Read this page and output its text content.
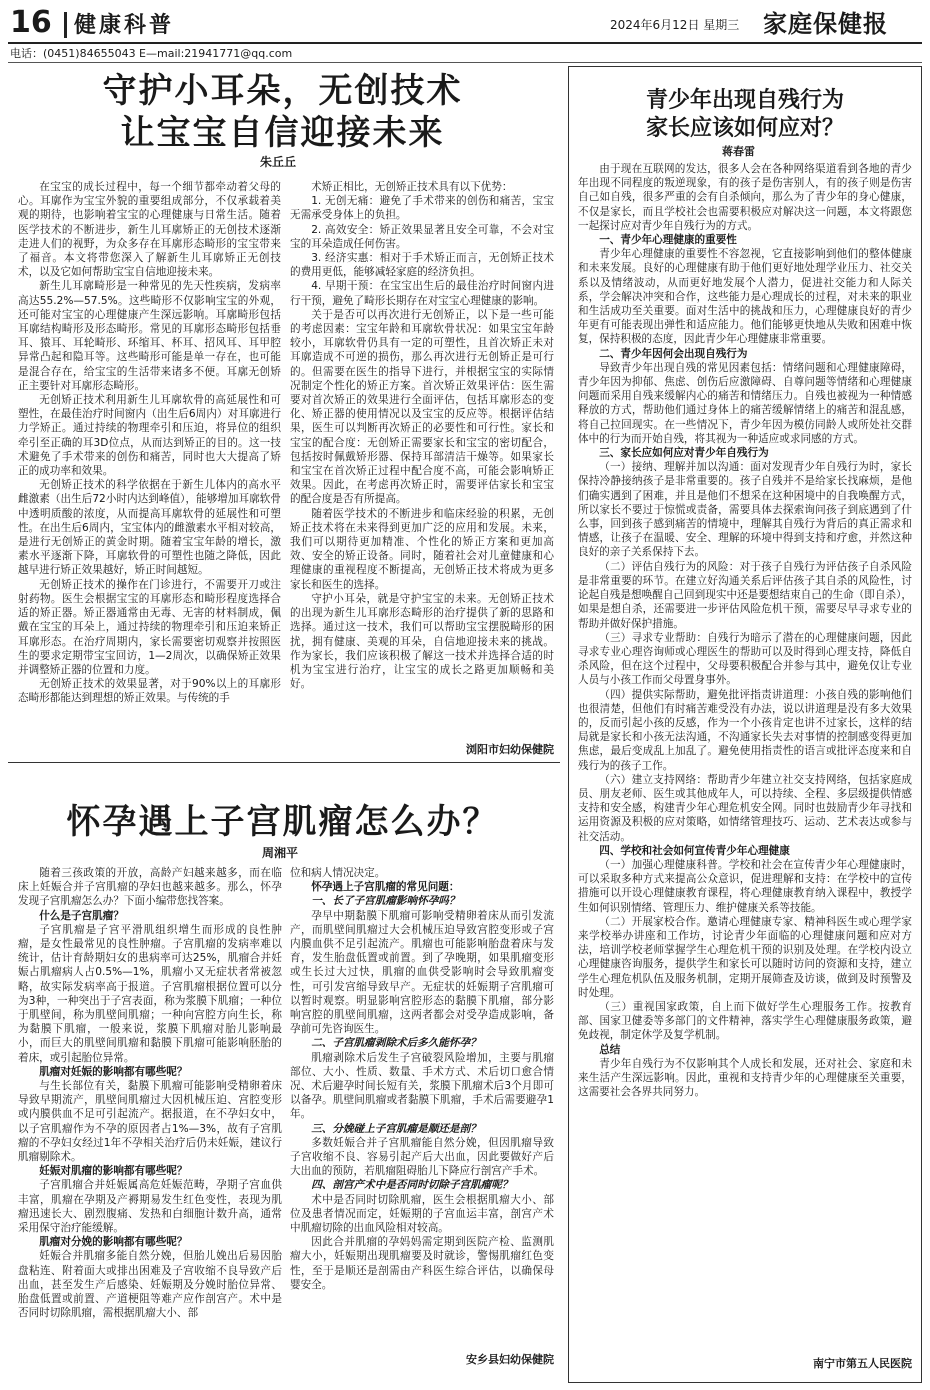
16 健康科普	2024年6月12日 星期三 家庭保健报
电话：(0451)84655043 E—mail:21941771@qq.com
守护小耳朵，无创技术
让宝宝自信迎接未来
朱丘丘

在宝宝的成长过程中，每一个细节都牵动着父母的心。耳廓作为宝宝外貌的重要组成部分，不仅承载着美观的期待，也影响着宝宝的心理健康与日常生活。随着医学技术的不断进步，新生儿耳廓矫正的无创技术逐渐走进人们的视野，为众多存在耳廓形态畸形的宝宝带来了福音。本文将带您深入了解新生儿耳廓矫正无创技术，以及它如何帮助宝宝自信地迎接未来。

新生儿耳廓畸形是一种常见的先天性疾病，发病率高达55.2%—57.5%。这些畸形不仅影响宝宝的外观，还可能对宝宝的心理健康产生深远影响。耳廓畸形包括耳廓结构畸形及形态畸形。常见的耳廓形态畸形包括垂耳、猿耳、耳轮畸形、环缩耳、杯耳、招风耳、耳甲腔异常凸起和隐耳等。这些畸形可能是单一存在，也可能是混合存在，给宝宝的生活带来诸多不便。耳廓无创矫正主要针对耳廓形态畸形。

无创矫正技术利用新生儿耳廓软骨的高延展性和可塑性，在最佳治疗时间窗内（出生后6周内）对耳廓进行力学矫正。通过持续的物理牵引和压迫，将异位的组织牵引至正确的耳3D位点，从而达到矫正的目的。这一技术避免了手术带来的创伤和痛苦，同时也大大提高了矫正的成功率和效果。

无创矫正技术的科学依据在于新生儿体内的高水平雌激素（出生后72小时内达到峰值），能够增加耳廓软骨中透明质酸的浓度，从而提高耳廓软骨的延展性和可塑性。在出生后6周内，宝宝体内的雌激素水平相对较高，是进行无创矫正的黄金时期。随着宝宝年龄的增长，激素水平逐渐下降，耳廓软骨的可塑性也随之降低，因此越早进行矫正效果越好，矫正时间越短。

无创矫正技术的操作在门诊进行，不需要开刀或注射药物。医生会根据宝宝的耳廓形态和畸形程度选择合适的矫正器。矫正器通常由无毒、无害的材料制成，佩戴在宝宝的耳朵上，通过持续的物理牵引和压迫来矫正耳廓形态。在治疗周期内，家长需要密切观察并按照医生的要求定期带宝宝回访，1—2周次，以确保矫正效果并调整矫正器的位置和力度。

无创矫正技术的效果显著，对于90%以上的耳廓形态畸形都能达到理想的矫正效果。与传统的手

术矫正相比，无创矫正技术具有以下优势：

1. 无创无痛：避免了手术带来的创伤和痛苦，宝宝无需承受身体上的负担。

2. 高效安全：矫正效果显著且安全可靠，不会对宝宝的耳朵造成任何伤害。

3. 经济实惠：相对于手术矫正而言，无创矫正技术的费用更低，能够减轻家庭的经济负担。

4. 早期干预：在宝宝出生后的最佳治疗时间窗内进行干预，避免了畸形长期存在对宝宝心理健康的影响。

关于是否可以再次进行无创矫正，以下是一些可能的考虑因素：宝宝年龄和耳廓软骨状况：如果宝宝年龄较小，耳廓软骨仍具有一定的可塑性，且首次矫正未对耳廓造成不可逆的损伤，那么再次进行无创矫正是可行的。但需要在医生的指导下进行，并根据宝宝的实际情况制定个性化的矫正方案。首次矫正效果评估：医生需要对首次矫正的效果进行全面评估，包括耳廓形态的变化、矫正器的使用情况以及宝宝的反应等。根据评估结果，医生可以判断再次矫正的必要性和可行性。家长和宝宝的配合度：无创矫正需要家长和宝宝的密切配合，包括按时佩戴矫形器、保持耳部清洁干燥等。如果家长和宝宝在首次矫正过程中配合度不高，可能会影响矫正效果。因此，在考虑再次矫正时，需要评估家长和宝宝的配合度是否有所提高。

随着医学技术的不断进步和临床经验的积累，无创矫正技术将在未来得到更加广泛的应用和发展。未来，我们可以期待更加精准、个性化的矫正方案和更加高效、安全的矫正设备。同时，随着社会对儿童健康和心理健康的重视程度不断提高，无创矫正技术将成为更多家长和医生的选择。

守护小耳朵，就是守护宝宝的未来。无创矫正技术的出现为新生儿耳廓形态畸形的治疗提供了新的思路和选择。通过这一技术，我们可以帮助宝宝摆脱畸形的困扰，拥有健康、美观的耳朵，自信地迎接未来的挑战。作为家长，我们应该积极了解这一技术并选择合适的时机为宝宝进行治疗，让宝宝的成长之路更加顺畅和美好。

浏阳市妇幼保健院
怀孕遇上子宫肌瘤怎么办？
周湘平

随着三孩政策的开放，高龄产妇越来越多，而在临床上妊娠合并子宫肌瘤的孕妇也越来越多。那么，怀孕发现子宫肌瘤怎么办？下面小编带您找答案。

什么是子宫肌瘤？

子宫肌瘤是子宫平滑肌组织增生而形成的良性肿瘤，是女性最常见的良性肿瘤。子宫肌瘤的发病率难以统计，估计育龄期妇女的患病率可达25%，肌瘤合并妊娠占肌瘤病人占0.5%—1%，肌瘤小又无症状者常被忽略，故实际发病率高于报道。子宫肌瘤根据位置可以分为3种，一种突出于子宫表面，称为浆膜下肌瘤；一种位于肌壁间，称为肌壁间肌瘤；一种向宫腔方向生长，称为黏膜下肌瘤，一般来说，浆膜下肌瘤对胎儿影响最小，而巨大的肌壁间肌瘤和黏膜下肌瘤可能影响胚胎的着床，或引起胎位异常。

肌瘤对妊娠的影响都有哪些呢？

与生长部位有关，黏膜下肌瘤可能影响受精卵着床导致早期流产，肌壁间肌瘤过大因机械压迫、宫腔变形或内膜供血不足可引起流产。据报道，在不孕妇女中，以子宫肌瘤作为不孕的原因者占1%—3%，故有子宫肌瘤的不孕妇女经过1年不孕相关治疗后仍未妊娠，建议行肌瘤剔除术。

妊娠对肌瘤的影响都有哪些呢？

子宫肌瘤合并妊娠属高危妊娠范畴，孕期子宫血供丰富，肌瘤在孕期及产褥期易发生红色变性，表现为肌瘤迅速长大、剧烈腹痛、发热和白细胞计数升高，通常采用保守治疗能缓解。

肌瘤对分娩的影响都有哪些呢？

妊娠合并肌瘤多能自然分娩，但胎儿娩出后易因胎盘粘连、附着面大或排出困难及子宫收缩不良导致产后出血，甚至发生产后感染、妊娠期及分娩时胎位异常、胎盘低置或前置、产道梗阻等难产应作剖宫产。术中是否同时切除肌瘤，需根据肌瘤大小、部

位和病人情况决定。

怀孕遇上子宫肌瘤的常见问题：

一、长了子宫肌瘤影响怀孕吗？

孕早中期黏膜下肌瘤可影响受精卵着床从而引发流产，而肌壁间肌瘤过大会机械压迫导致宫腔变形或子宫内膜血供不足引起流产。肌瘤也可能影响胎盘着床与发育，发生胎盘低置或前置。到了孕晚期，如果肌瘤变形或生长过大过快，肌瘤的血供受影响时会导致肌瘤变性，可引发宫缩导致早产。无症状的妊娠期子宫肌瘤可以暂时观察。明显影响宫腔形态的黏膜下肌瘤，部分影响宫腔的肌壁间肌瘤，这两者都会对受孕造成影响，备孕前可先咨询医生。

二、子宫肌瘤剥除术后多久能怀孕？

肌瘤剥除术后发生子宫破裂风险增加，主要与肌瘤部位、大小、性质、数量、手术方式、术后切口愈合情况、术后避孕时间长短有关，浆膜下肌瘤术后3个月即可以备孕。肌壁间肌瘤或者黏膜下肌瘤，手术后需要避孕1年。

三、分娩碰上子宫肌瘤是顺还是剖？

多数妊娠合并子宫肌瘤能自然分娩，但因肌瘤导致子宫收缩不良、容易引起产后大出血，因此要做好产后大出血的预防，若肌瘤阻碍胎儿下降应行剖宫产手术。

四、剖宫产术中是否同时切除子宫肌瘤呢？

术中是否同时切除肌瘤，医生会根据肌瘤大小、部位及患者情况而定，妊娠期的子宫血运丰富，剖宫产术中肌瘤切除的出血风险相对较高。

因此合并肌瘤的孕妈妈需定期到医院产检、监测肌瘤大小，妊娠期出现肌瘤要及时就诊，警惕肌瘤红色变性，至于是顺还是剖需由产科医生综合评估，以确保母婴安全。

安乡县妇幼保健院
青少年出现自残行为
家长应该如何应对？
蒋春雷

由于现在互联网的发达，很多人会在各种网络渠道看到各地的青少年出现不同程度的叛逆现象，有的孩子是伤害别人，有的孩子则是伤害自己如自残，很多严重的会有自杀倾向，那么为了青少年的身心健康，不仅是家长，而且学校社会也需要积极应对解决这一问题，本文将跟您一起探讨应对青少年自残行为的方式。

一、青少年心理健康的重要性

青少年心理健康的重要性不容忽视，它直接影响到他们的整体健康和未来发展。良好的心理健康有助于他们更好地处理学业压力、社交关系以及情绪波动，从而更好地发展个人潜力，促进社交能力和人际关系，学会解决冲突和合作，这些能力是心理成长的过程，对未来的职业和生活成功至关重要。面对生活中的挑战和压力，心理健康良好的青少年更有可能表现出弹性和适应能力。他们能够更快地从失败和困难中恢复，保持积极的态度，因此青少年心理健康非常重要。

二、青少年因何会出现自残行为

导致青少年出现自残的常见因素包括：情绪问题和心理健康障碍，青少年因为抑郁、焦虑、创伤后应激障碍、自尊问题等情绪和心理健康问题而采用自残来缓解内心的痛苦和情绪压力。自残也被视为一种情感释放的方式，帮助他们通过身体上的痛苦缓解情绪上的痛苦和混乱感，将自己拉回现实。在一些情况下，青少年因为模仿同龄人或所处社交群体中的行为而开始自残，将其视为一种适应或求同感的方式。

三、家长应如何应对青少年自残行为

（一）接纳、理解并加以沟通：面对发现青少年自残行为时，家长保持冷静接纳孩子是非常重要的。孩子自残并不是给家长找麻烦，是他们确实遇到了困难，并且是他们不想采在这种困境中的自我唤醒方式，所以家长不要过于惊慌或责备，需要具体去探索询问孩子到底遇到了什么事，回到孩子感到痛苦的情境中，理解其自残行为背后的真正需求和情感，让孩子在温暖、安全、理解的环境中得到支持和疗愈，并然这种良好的亲子关系保持下去。

（二）评估自残行为的风险：对于孩子自残行为评估孩子自杀风险是非常重要的环节。在建立好沟通关系后评估孩子其自杀的风险性，讨论起自残是想唤醒自己回到现实中还是要想结束自己的生命（即自杀），如果是想自杀，还需要进一步评估风险危机干预，需要尽早寻求专业的帮助并做好保护措施。

（三）寻求专业帮助：自残行为暗示了潜在的心理健康问题，因此寻求专业心理咨询师或心理医生的帮助可以及时得到心理支持，降低自杀风险，但在这个过程中，父母要积极配合并参与其中，避免仅让专业人员与小孩工作而父母置身事外。

（四）提供实际帮助，避免批评指责讲道理：小孩自残的影响他们也很清楚，但他们有时痛苦难受没有办法，说以讲道理是没有多大效果的，反而引起小孩的反感，作为一个小孩肯定也讲不过家长，这样的结局就是家长和小孩无法沟通，不沟通家长失去对事情的控制感变得更加焦虑，最后变成乱上加乱了。避免使用指责性的语言或批评态度来和自残行为的孩子工作。

（六）建立支持网络：帮助青少年建立社交支持网络，包括家庭成员、朋友老师、医生或其他成年人，可以持续、全程、多层级提供情感支持和安全感，构建青少年心理危机安全网。同时也鼓励青少年寻找和运用资源及积极的应对策略，如情绪管理技巧、运动、艺术表达或参与社交活动。

四、学校和社会如何宣传青少年心理健康

（一）加强心理健康科普。学校和社会在宣传青少年心理健康时，可以采取多种方式来提高公众意识，促进理解和支持：在学校中的宣传措施可以开设心理健康教育课程，将心理健康教育纳入课程中，教授学生如何识别情绪、管理压力、维护健康关系等技能。

（二）开展家校合作。邀请心理健康专家、精神科医生或心理学家来学校举办讲座和工作坊，讨论青少年面临的心理健康问题和应对方法，培训学校老师掌握学生心理危机干预的识别及处理。在学校内设立心理健康咨询服务，提供学生和家长可以随时访问的资源和支持，建立学生心理危机队伍及服务机制，定期开展筛查及访谈，做到及时预警及时处理。

（三）重视国家政策，自上而下做好学生心理服务工作。按教育部、国家卫健委等多部门的文件精神，落实学生心理健康服务政策，避免歧视，制定休学及复学机制。

总结

青少年自残行为不仅影响其个人成长和发展，还对社会、家庭和未来生活产生深远影响。因此，重视和支持青少年的心理健康至关重要，这需要社会各界共同努力。

南宁市第五人民医院
